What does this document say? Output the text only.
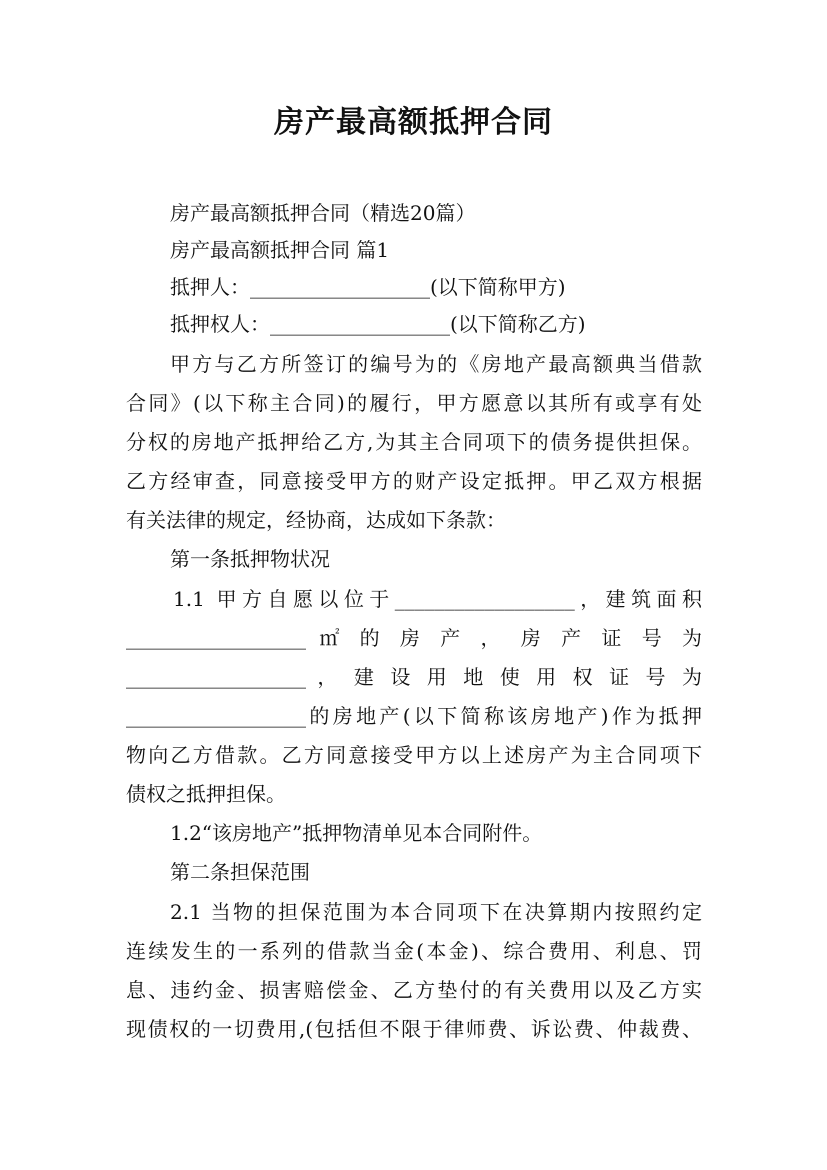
房产最高额抵押合同
房产最高额抵押合同（精选20篇）
房产最高额抵押合同 篇1
抵押人：__________________(以下简称甲方)
抵押权人：__________________(以下简称乙方)
甲方与乙方所签订的编号为的《房地产最高额典当借款
合同》(以下称主合同)的履行，甲方愿意以其所有或享有处
分权的房地产抵押给乙方,为其主合同项下的债务提供担保。
乙方经审查，同意接受甲方的财产设定抵押。甲乙双方根据
有关法律的规定，经协商，达成如下条款：
第一条抵押物状况
1.1 甲方自愿以位于__________________，建筑面积
__________________ ㎡ 的 房 产 ， 房 产 证 号 为
__________________ ， 建 设 用 地 使 用 权 证 号 为
__________________的房地产(以下简称该房地产)作为抵押
物向乙方借款。乙方同意接受甲方以上述房产为主合同项下
债权之抵押担保。
1.2“该房地产”抵押物清单见本合同附件。
第二条担保范围
2.1 当物的担保范围为本合同项下在决算期内按照约定
连续发生的一系列的借款当金(本金)、综合费用、利息、罚
息、违约金、损害赔偿金、乙方垫付的有关费用以及乙方实
现债权的一切费用,(包括但不限于律师费、诉讼费、仲裁费、
